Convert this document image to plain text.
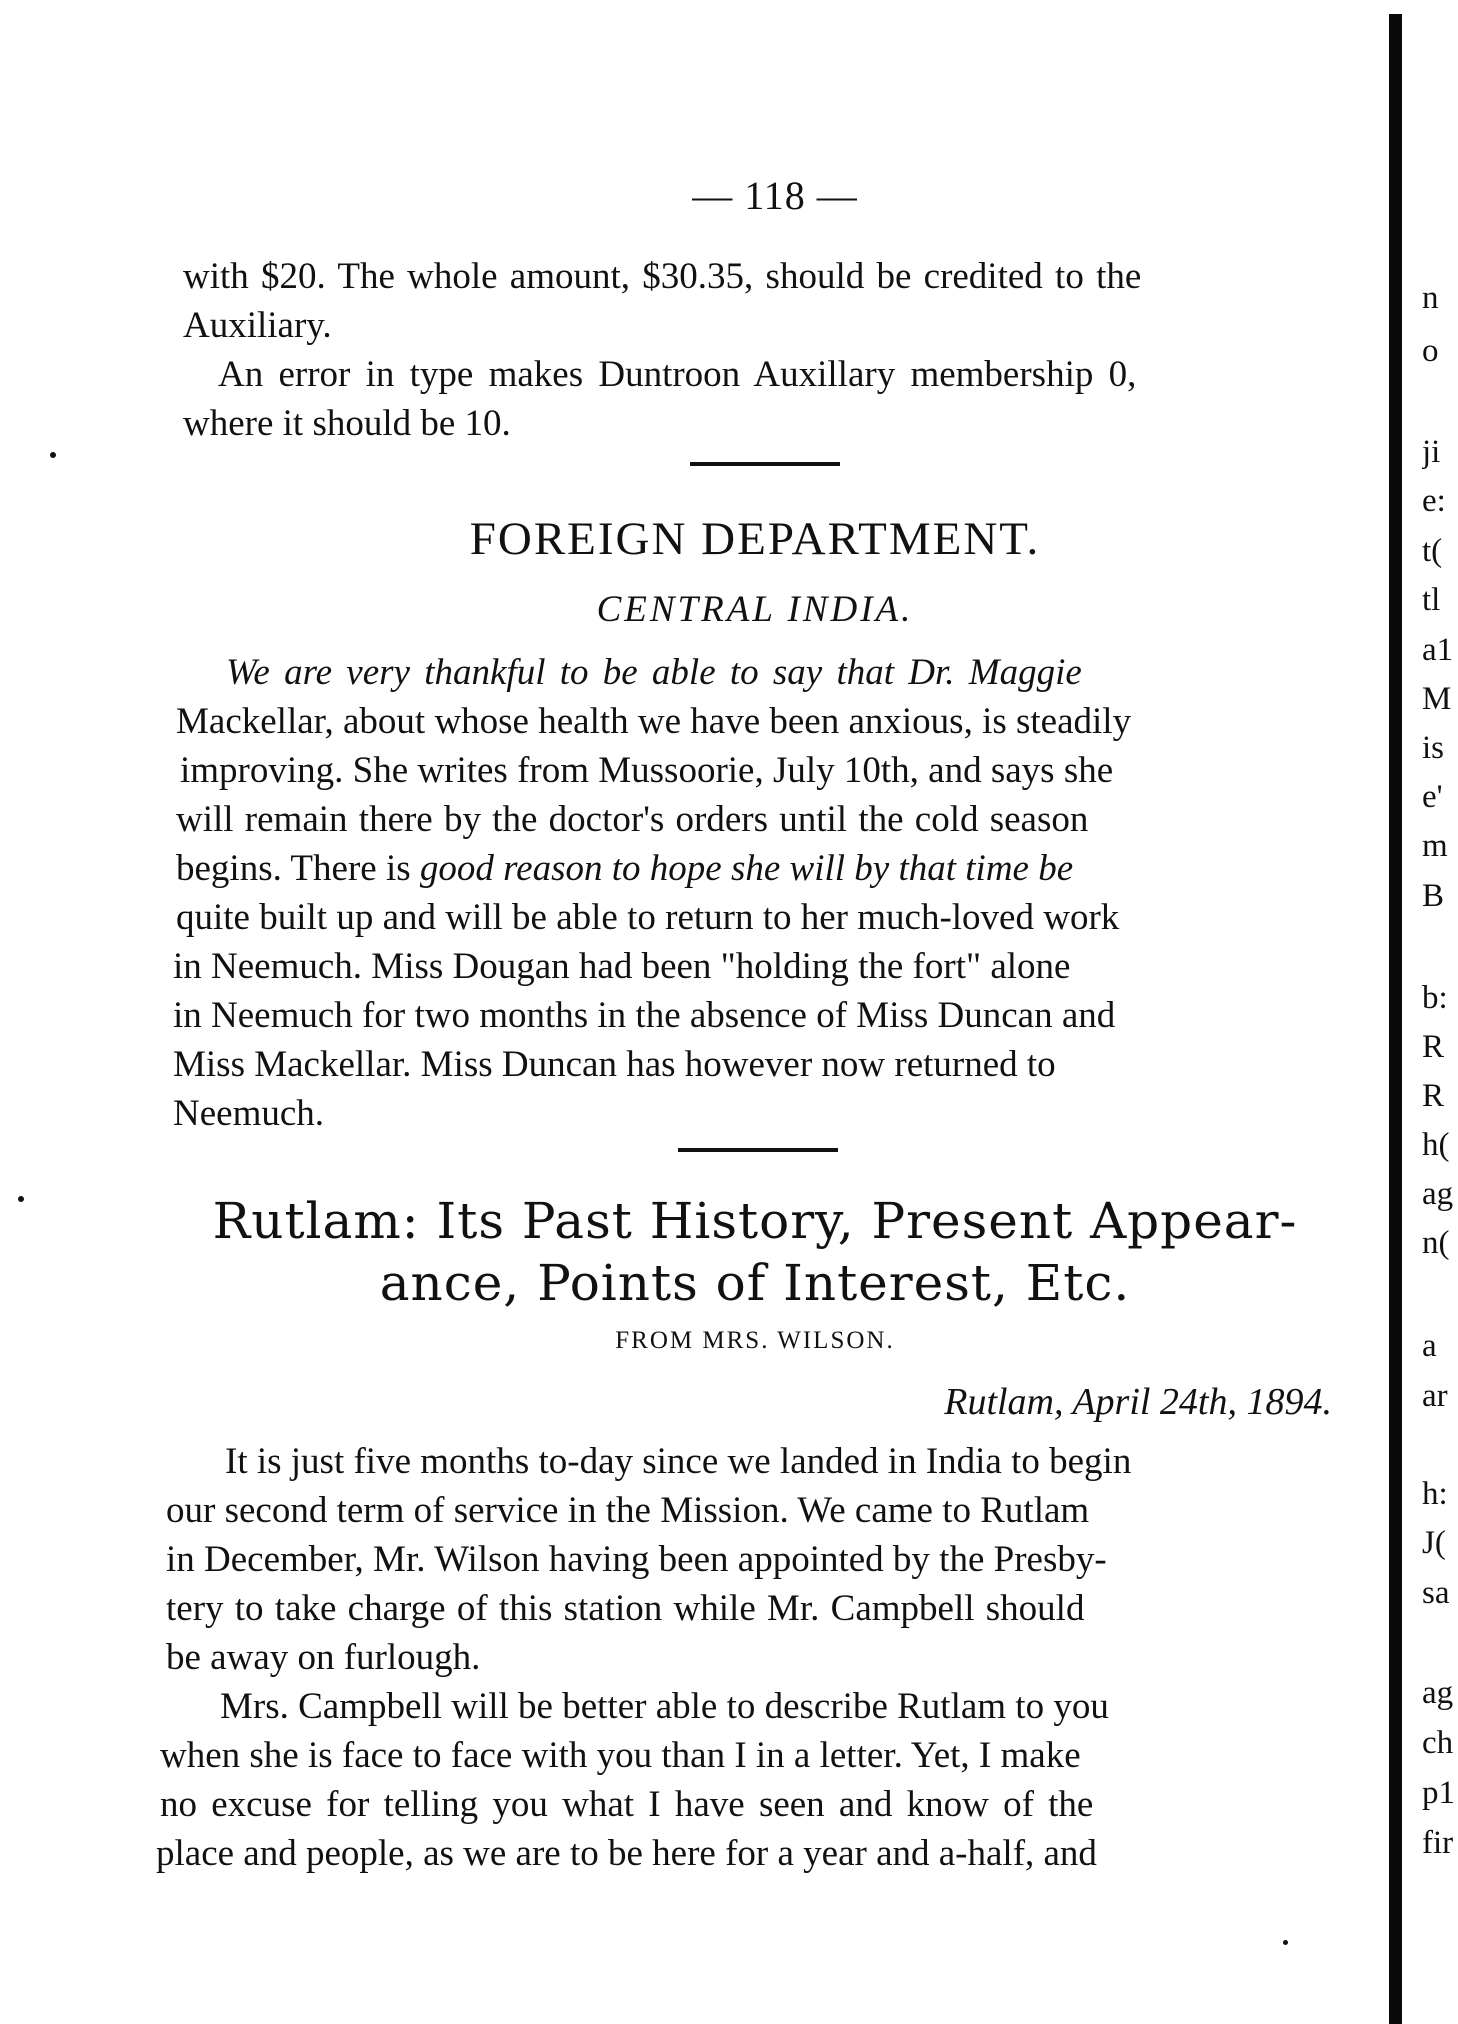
— 118 —
with $20. The whole amount, $30.35, should be credited to the
Auxiliary.
An error in type makes Duntroon Auxillary membership 0,
where it should be 10.
FOREIGN DEPARTMENT.
CENTRAL INDIA.
We are very thankful to be able to say that Dr. Maggie
Mackellar, about whose health we have been anxious, is steadily
improving. She writes from Mussoorie, July 10th, and says she
will remain there by the doctor's orders until the cold season
begins. There is good reason to hope she will by that time be
quite built up and will be able to return to her much-loved work
in Neemuch. Miss Dougan had been "holding the fort" alone
in Neemuch for two months in the absence of Miss Duncan and
Miss Mackellar. Miss Duncan has however now returned to
Neemuch.
Rutlam: Its Past History, Present Appear-
ance, Points of Interest, Etc.
FROM MRS. WILSON.
Rutlam, April 24th, 1894.
It is just five months to-day since we landed in India to begin
our second term of service in the Mission. We came to Rutlam
in December, Mr. Wilson having been appointed by the Presby-
tery to take charge of this station while Mr. Campbell should
be away on furlough.
Mrs. Campbell will be better able to describe Rutlam to you
when she is face to face with you than I in a letter. Yet, I make
no excuse for telling you what I have seen and know of the
place and people, as we are to be here for a year and a-half, and
n
o
ji
e:
t(
tl
a1
M
is
e'
m
B
b:
R
R
h(
ag
n(
a
ar
h:
J(
sa
ag
ch
p1
fir
